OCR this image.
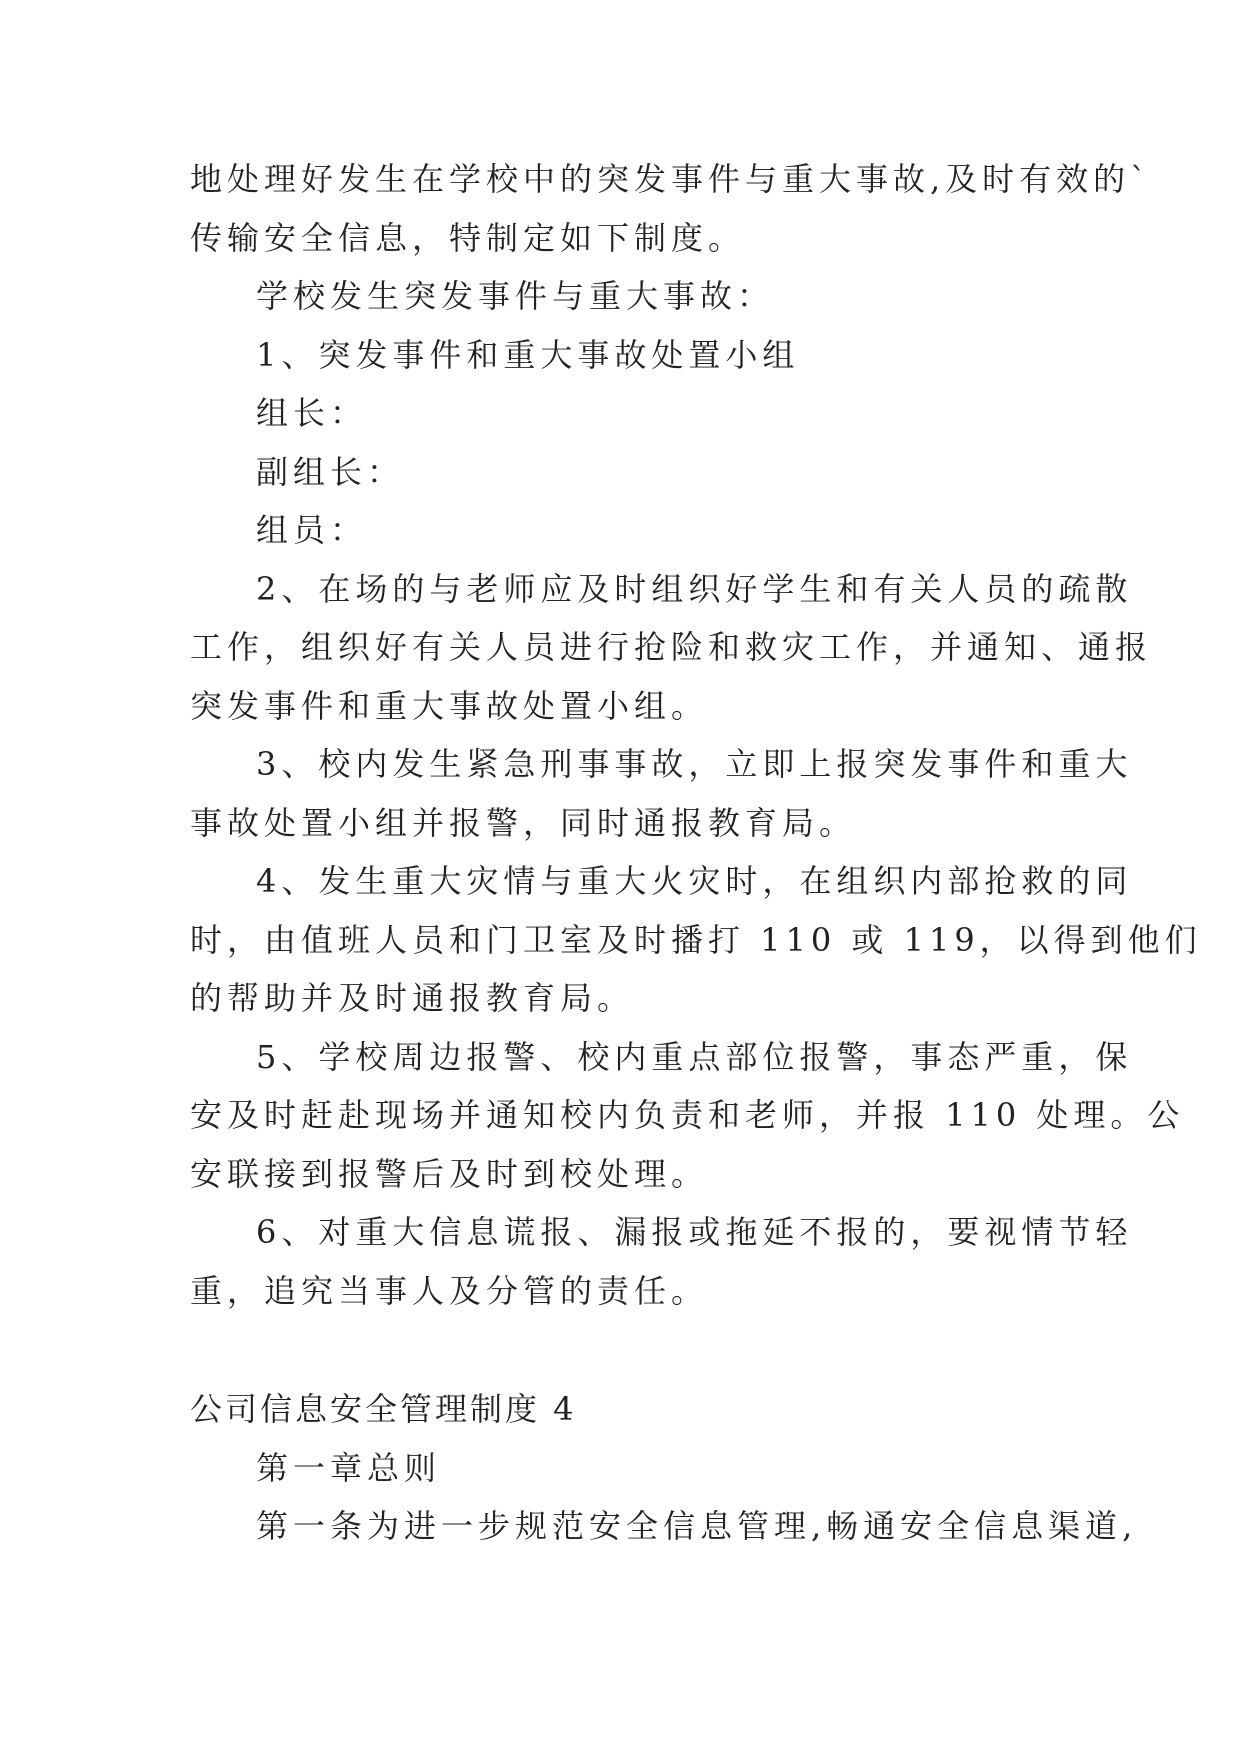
地处理好发生在学校中的突发事件与重大事故,及时有效的`

传输安全信息，特制定如下制度。

学校发生突发事件与重大事故：

1、突发事件和重大事故处置小组

组长：

副组长：

组员：

2、在场的与老师应及时组织好学生和有关人员的疏散

工作，组织好有关人员进行抢险和救灾工作，并通知、通报

突发事件和重大事故处置小组。

3、校内发生紧急刑事事故，立即上报突发事件和重大

事故处置小组并报警，同时通报教育局。

4、发生重大灾情与重大火灾时，在组织内部抢救的同

时，由值班人员和门卫室及时播打 110 或 119，以得到他们

的帮助并及时通报教育局。

5、学校周边报警、校内重点部位报警，事态严重，保

安及时赶赴现场并通知校内负责和老师，并报 110 处理。公

安联接到报警后及时到校处理。

6、对重大信息谎报、漏报或拖延不报的，要视情节轻

重，追究当事人及分管的责任。

公司信息安全管理制度 4

第一章总则

第一条为进一步规范安全信息管理,畅通安全信息渠道,
